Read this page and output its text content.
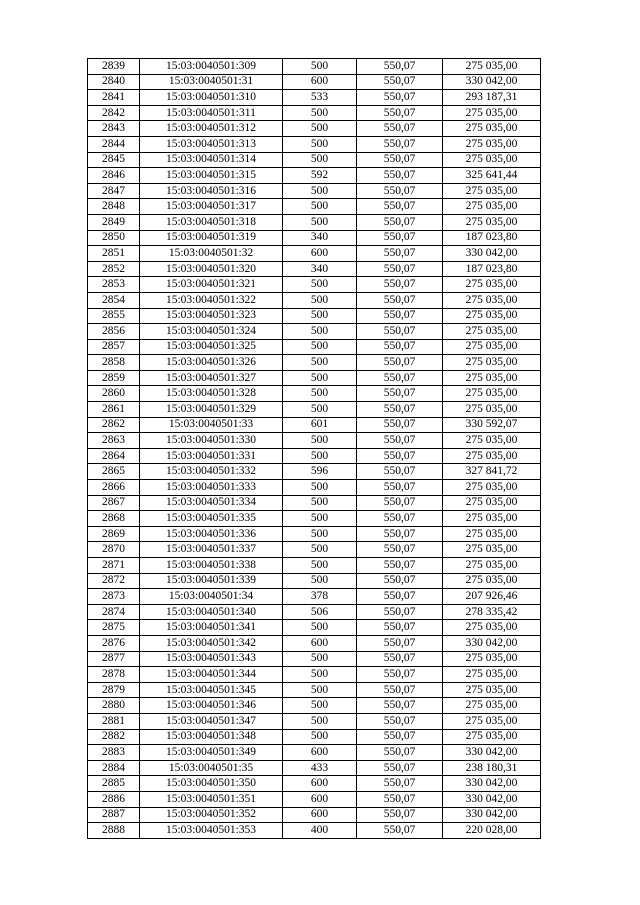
2839	15:03:0040501:309	500	550,07	275 035,00
2840	15:03:0040501:31	600	550,07	330 042,00
2841	15:03:0040501:310	533	550,07	293 187,31
2842	15:03:0040501:311	500	550,07	275 035,00
2843	15:03:0040501:312	500	550,07	275 035,00
2844	15:03:0040501:313	500	550,07	275 035,00
2845	15:03:0040501:314	500	550,07	275 035,00
2846	15:03:0040501:315	592	550,07	325 641,44
2847	15:03:0040501:316	500	550,07	275 035,00
2848	15:03:0040501:317	500	550,07	275 035,00
2849	15:03:0040501:318	500	550,07	275 035,00
2850	15:03:0040501:319	340	550,07	187 023,80
2851	15:03:0040501:32	600	550,07	330 042,00
2852	15:03:0040501:320	340	550,07	187 023,80
2853	15:03:0040501:321	500	550,07	275 035,00
2854	15:03:0040501:322	500	550,07	275 035,00
2855	15:03:0040501:323	500	550,07	275 035,00
2856	15:03:0040501:324	500	550,07	275 035,00
2857	15:03:0040501:325	500	550,07	275 035,00
2858	15:03:0040501:326	500	550,07	275 035,00
2859	15:03:0040501:327	500	550,07	275 035,00
2860	15:03:0040501:328	500	550,07	275 035,00
2861	15:03:0040501:329	500	550,07	275 035,00
2862	15:03:0040501:33	601	550,07	330 592,07
2863	15:03:0040501:330	500	550,07	275 035,00
2864	15:03:0040501:331	500	550,07	275 035,00
2865	15:03:0040501:332	596	550,07	327 841,72
2866	15:03:0040501:333	500	550,07	275 035,00
2867	15:03:0040501:334	500	550,07	275 035,00
2868	15:03:0040501:335	500	550,07	275 035,00
2869	15:03:0040501:336	500	550,07	275 035,00
2870	15:03:0040501:337	500	550,07	275 035,00
2871	15:03:0040501:338	500	550,07	275 035,00
2872	15:03:0040501:339	500	550,07	275 035,00
2873	15:03:0040501:34	378	550,07	207 926,46
2874	15:03:0040501:340	506	550,07	278 335,42
2875	15:03:0040501:341	500	550,07	275 035,00
2876	15:03:0040501:342	600	550,07	330 042,00
2877	15:03:0040501:343	500	550,07	275 035,00
2878	15:03:0040501:344	500	550,07	275 035,00
2879	15:03:0040501:345	500	550,07	275 035,00
2880	15:03:0040501:346	500	550,07	275 035,00
2881	15:03:0040501:347	500	550,07	275 035,00
2882	15:03:0040501:348	500	550,07	275 035,00
2883	15:03:0040501:349	600	550,07	330 042,00
2884	15:03:0040501:35	433	550,07	238 180,31
2885	15:03:0040501:350	600	550,07	330 042,00
2886	15:03:0040501:351	600	550,07	330 042,00
2887	15:03:0040501:352	600	550,07	330 042,00
2888	15:03:0040501:353	400	550,07	220 028,00
